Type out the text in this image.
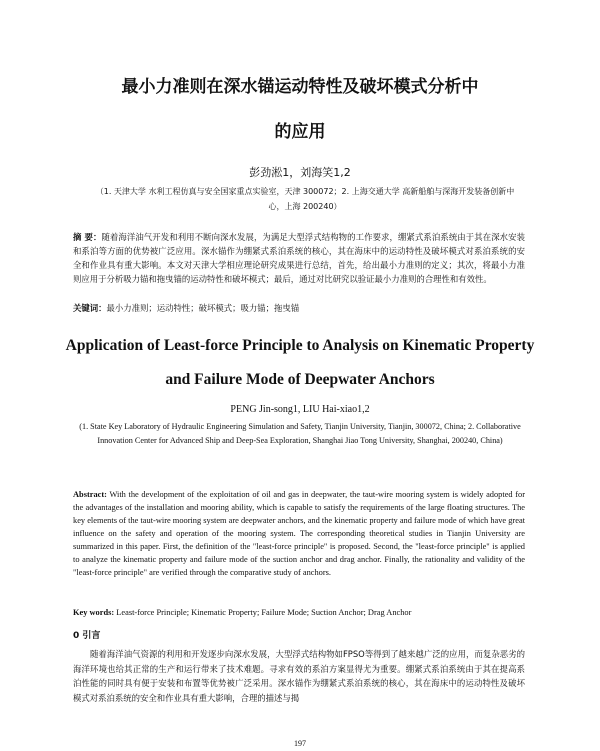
最小力准则在深水锚运动特性及破坏模式分析中
的应用
彭劲淞1，刘海笑1,2
（1. 天津大学 水利工程仿真与安全国家重点实验室，天津 300072；2. 上海交通大学 高新船舶与深海开发装备创新中心，上海 200240）
摘 要：随着海洋油气开发和利用不断向深水发展，为满足大型浮式结构物的工作要求，绷紧式系泊系统由于其在深水安装和系泊等方面的优势被广泛应用。深水锚作为绷紧式系泊系统的核心，其在海床中的运动特性及破坏模式对系泊系统的安全和作业具有重大影响。本文对天津大学相应理论研究成果进行总结，首先，给出最小力准则的定义；其次，将最小力准则应用于分析吸力锚和拖曳锚的运动特性和破坏模式；最后，通过对比研究以验证最小力准则的合理性和有效性。
关键词：最小力准则；运动特性；破坏模式；吸力锚；拖曳锚
Application of Least-force Principle to Analysis on Kinematic Property
and Failure Mode of Deepwater Anchors
PENG Jin-song1, LIU Hai-xiao1,2
(1. State Key Laboratory of Hydraulic Engineering Simulation and Safety, Tianjin University, Tianjin, 300072, China; 2. Collaborative Innovation Center for Advanced Ship and Deep-Sea Exploration, Shanghai Jiao Tong University, Shanghai, 200240, China)
Abstract: With the development of the exploitation of oil and gas in deepwater, the taut-wire mooring system is widely adopted for the advantages of the installation and mooring ability, which is capable to satisfy the requirements of the large floating structures. The key elements of the taut-wire mooring system are deepwater anchors, and the kinematic property and failure mode of which have great influence on the safety and operation of the mooring system. The corresponding theoretical studies in Tianjin University are summarized in this paper. First, the definition of the "least-force principle" is proposed. Second, the "least-force principle" is applied to analyze the kinematic property and failure mode of the suction anchor and drag anchor. Finally, the rationality and validity of the "least-force principle" are verified through the comparative study of anchors.
Key words: Least-force Principle; Kinematic Property; Failure Mode; Suction Anchor; Drag Anchor
0 引言
随着海洋油气资源的利用和开发逐步向深水发展，大型浮式结构物如FPSO等得到了越来越广泛的应用，而复杂恶劣的海洋环境也给其正常的生产和运行带来了技术难题。寻求有效的系泊方案显得尤为重要。绷紧式系泊系统由于其在提高系泊性能的同时具有便于安装和布置等优势被广泛采用。深水锚作为绷紧式系泊系统的核心，其在海床中的运动特性及破坏模式对系泊系统的安全和作业具有重大影响，合理的描述与揭
197
